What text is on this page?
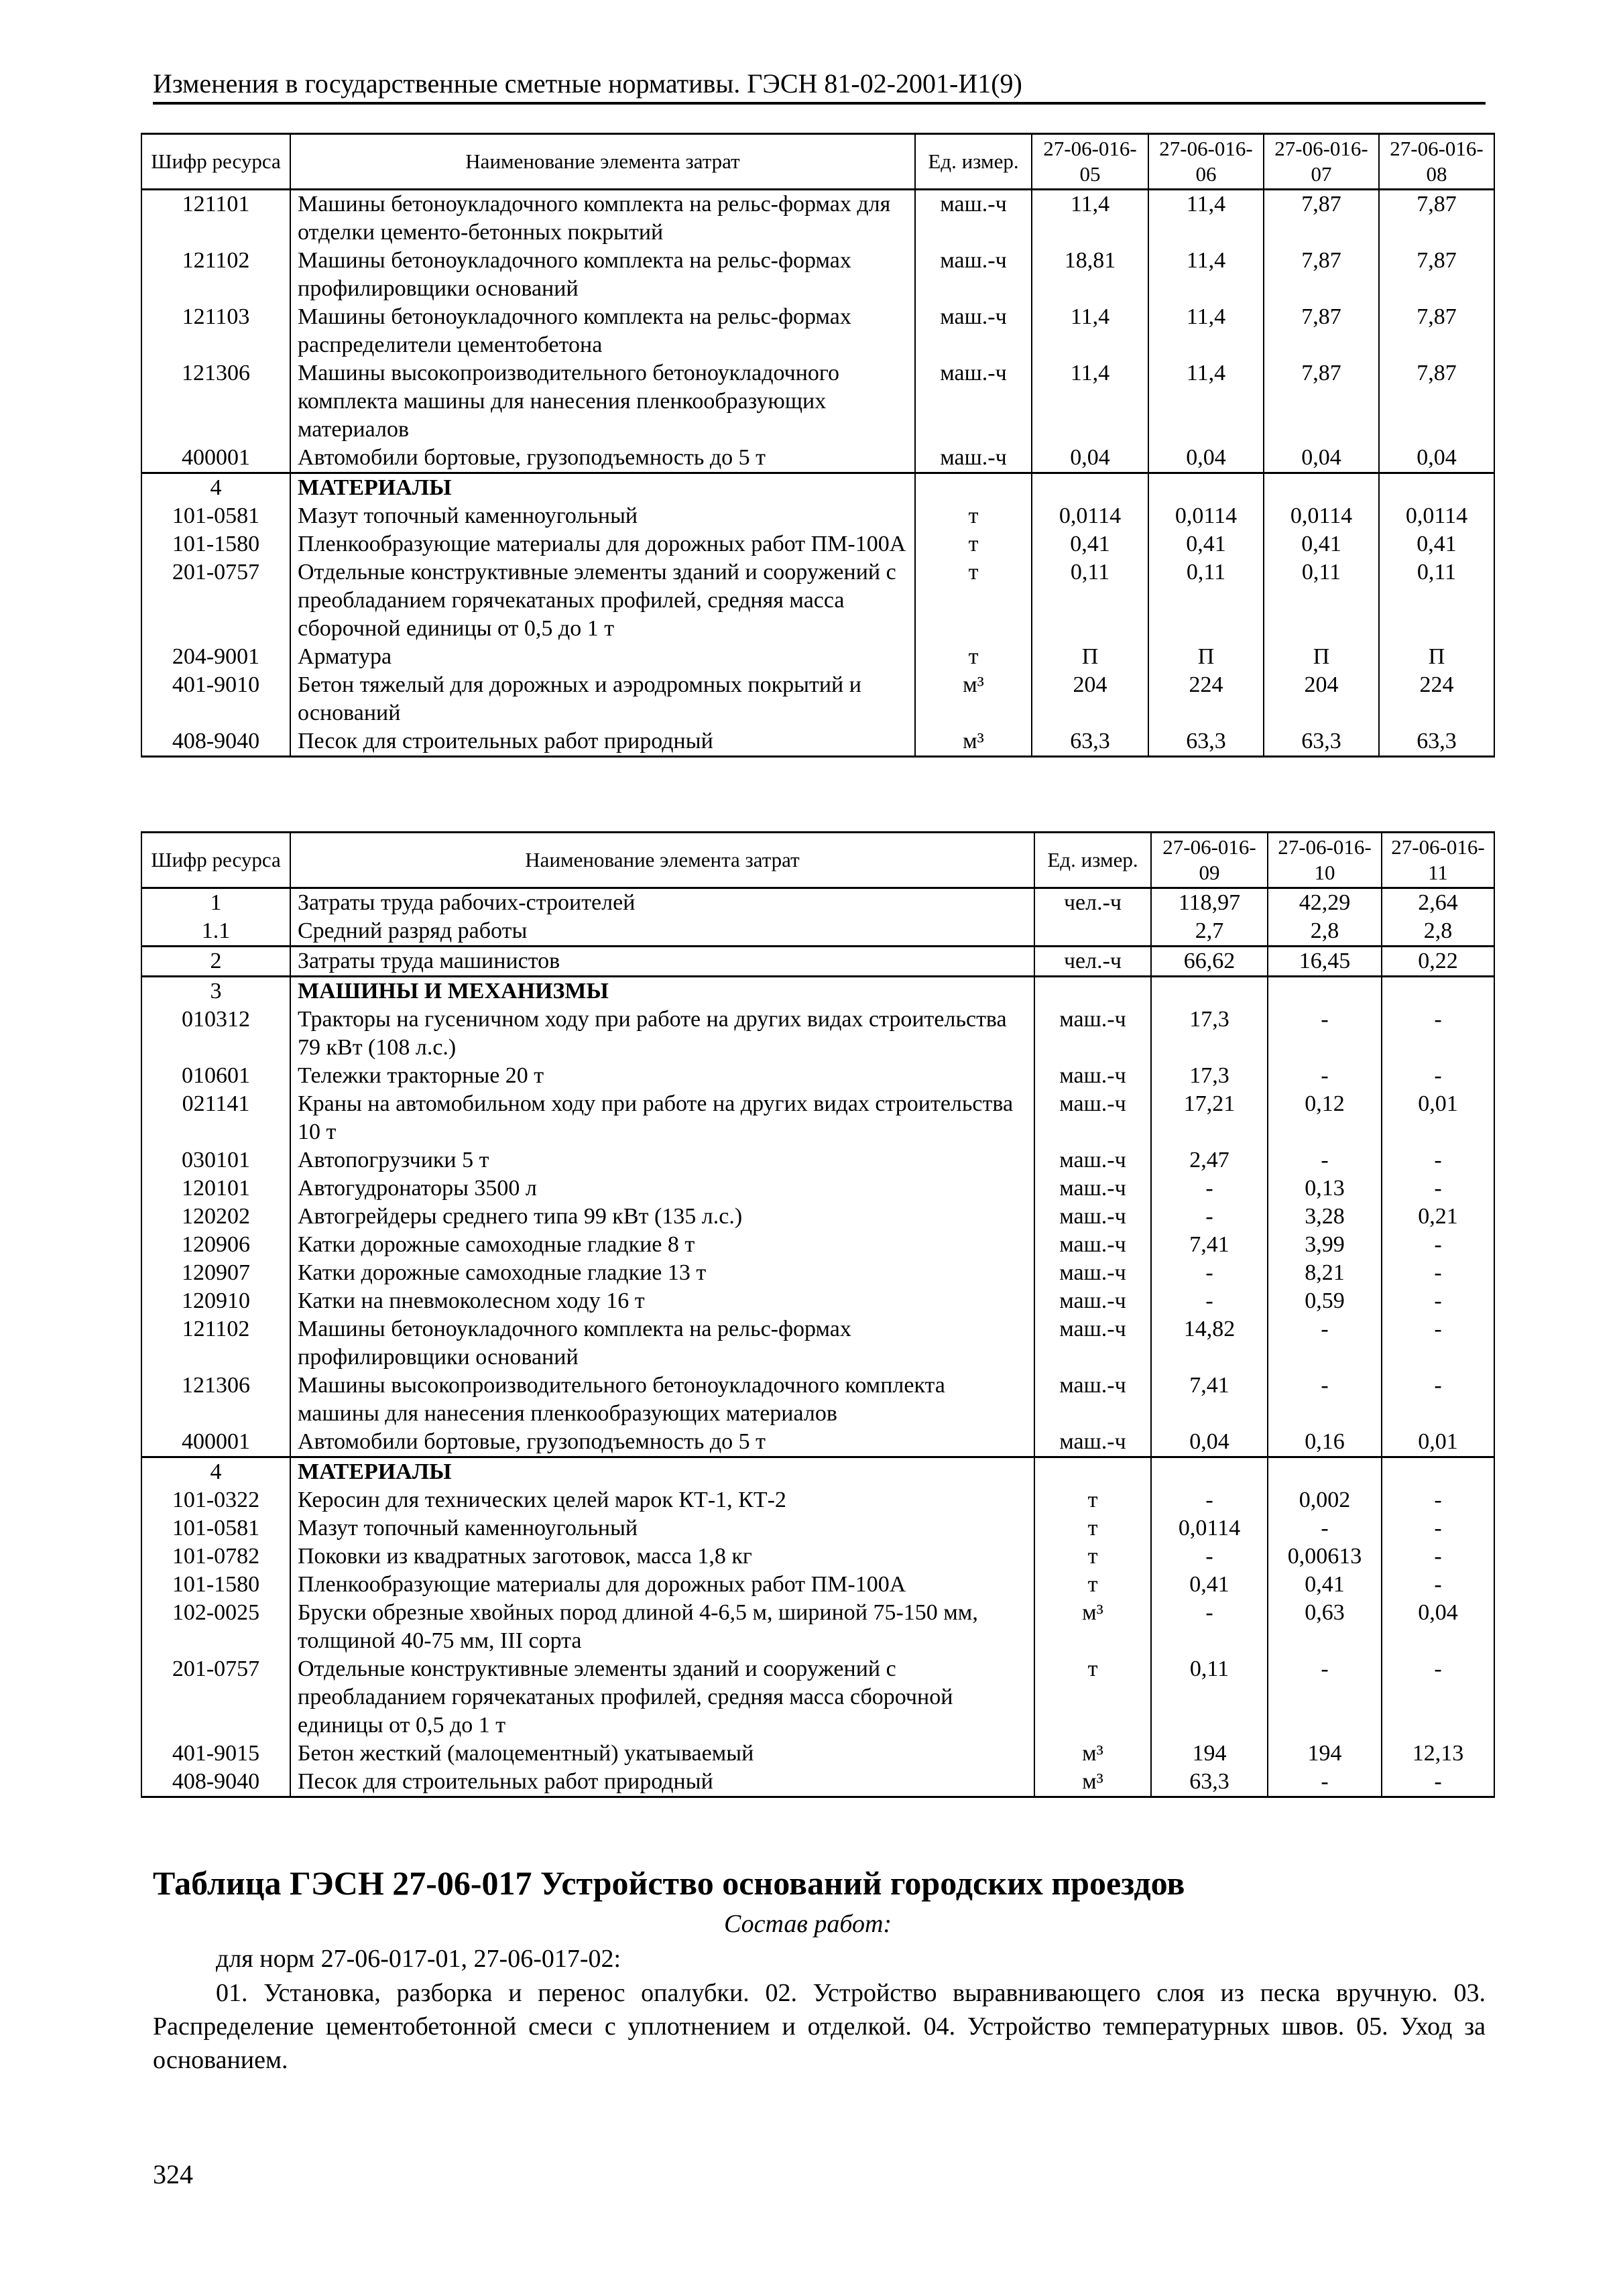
Изменения в государственные сметные нормативы. ГЭСН 81-02-2001-И1(9)
Шифр ресурса	Наименование элемента затрат	Ед. измер.	27-06-016-05	27-06-016-06	27-06-016-07	27-06-016-08
121101	Машины бетоноукладочного комплекта на рельс-формах для отделки цементо-бетонных покрытий	маш.-ч	11,4	11,4	7,87	7,87
121102	Машины бетоноукладочного комплекта на рельс-формах профилировщики оснований	маш.-ч	18,81	11,4	7,87	7,87
121103	Машины бетоноукладочного комплекта на рельс-формах распределители цементобетона	маш.-ч	11,4	11,4	7,87	7,87
121306	Машины высокопроизводительного бетоноукладочного комплекта машины для нанесения пленкообразующих материалов	маш.-ч	11,4	11,4	7,87	7,87
400001	Автомобили бортовые, грузоподъемность до 5 т	маш.-ч	0,04	0,04	0,04	0,04
4	МАТЕРИАЛЫ					
101-0581	Мазут топочный каменноугольный	т	0,0114	0,0114	0,0114	0,0114
101-1580	Пленкообразующие материалы для дорожных работ ПМ-100А	т	0,41	0,41	0,41	0,41
201-0757	Отдельные конструктивные элементы зданий и сооружений с преобладанием горячекатаных профилей, средняя масса сборочной единицы от 0,5 до 1 т	т	0,11	0,11	0,11	0,11
204-9001	Арматура	т	П	П	П	П
401-9010	Бетон тяжелый для дорожных и аэродромных покрытий и оснований	м³	204	224	204	224
408-9040	Песок для строительных работ природный	м³	63,3	63,3	63,3	63,3
Шифр ресурса	Наименование элемента затрат	Ед. измер.	27-06-016-09	27-06-016-10	27-06-016-11
1	Затраты труда рабочих-строителей	чел.-ч	118,97	42,29	2,64
1.1	Средний разряд работы		2,7	2,8	2,8
2	Затраты труда машинистов	чел.-ч	66,62	16,45	0,22
3	МАШИНЫ И МЕХАНИЗМЫ				
010312	Тракторы на гусеничном ходу при работе на других видах строительства 79 кВт (108 л.с.)	маш.-ч	17,3	-	-
010601	Тележки тракторные 20 т	маш.-ч	17,3	-	-
021141	Краны на автомобильном ходу при работе на других видах строительства 10 т	маш.-ч	17,21	0,12	0,01
030101	Автопогрузчики 5 т	маш.-ч	2,47	-	-
120101	Автогудронаторы 3500 л	маш.-ч	-	0,13	-
120202	Автогрейдеры среднего типа 99 кВт (135 л.с.)	маш.-ч	-	3,28	0,21
120906	Катки дорожные самоходные гладкие 8 т	маш.-ч	7,41	3,99	-
120907	Катки дорожные самоходные гладкие 13 т	маш.-ч	-	8,21	-
120910	Катки на пневмоколесном ходу 16 т	маш.-ч	-	0,59	-
121102	Машины бетоноукладочного комплекта на рельс-формах профилировщики оснований	маш.-ч	14,82	-	-
121306	Машины высокопроизводительного бетоноукладочного комплекта машины для нанесения пленкообразующих материалов	маш.-ч	7,41	-	-
400001	Автомобили бортовые, грузоподъемность до 5 т	маш.-ч	0,04	0,16	0,01
4	МАТЕРИАЛЫ				
101-0322	Керосин для технических целей марок КТ-1, КТ-2	т	-	0,002	-
101-0581	Мазут топочный каменноугольный	т	0,0114	-	-
101-0782	Поковки из квадратных заготовок, масса 1,8 кг	т	-	0,00613	-
101-1580	Пленкообразующие материалы для дорожных работ ПМ-100А	т	0,41	0,41	-
102-0025	Бруски обрезные хвойных пород длиной 4-6,5 м, шириной 75-150 мм, толщиной 40-75 мм, III сорта	м³	-	0,63	0,04
201-0757	Отдельные конструктивные элементы зданий и сооружений с преобладанием горячекатаных профилей, средняя масса сборочной единицы от 0,5 до 1 т	т	0,11	-	-
401-9015	Бетон жесткий (малоцементный) укатываемый	м³	194	194	12,13
408-9040	Песок для строительных работ природный	м³	63,3	-	-
Таблица ГЭСН 27-06-017 Устройство оснований городских проездов
Состав работ:
для норм 27-06-017-01, 27-06-017-02:
01. Установка, разборка и перенос опалубки. 02. Устройство выравнивающего слоя из песка вручную. 03. Распределение цементобетонной смеси с уплотнением и отделкой. 04. Устройство температурных швов. 05. Уход за основанием.
324
